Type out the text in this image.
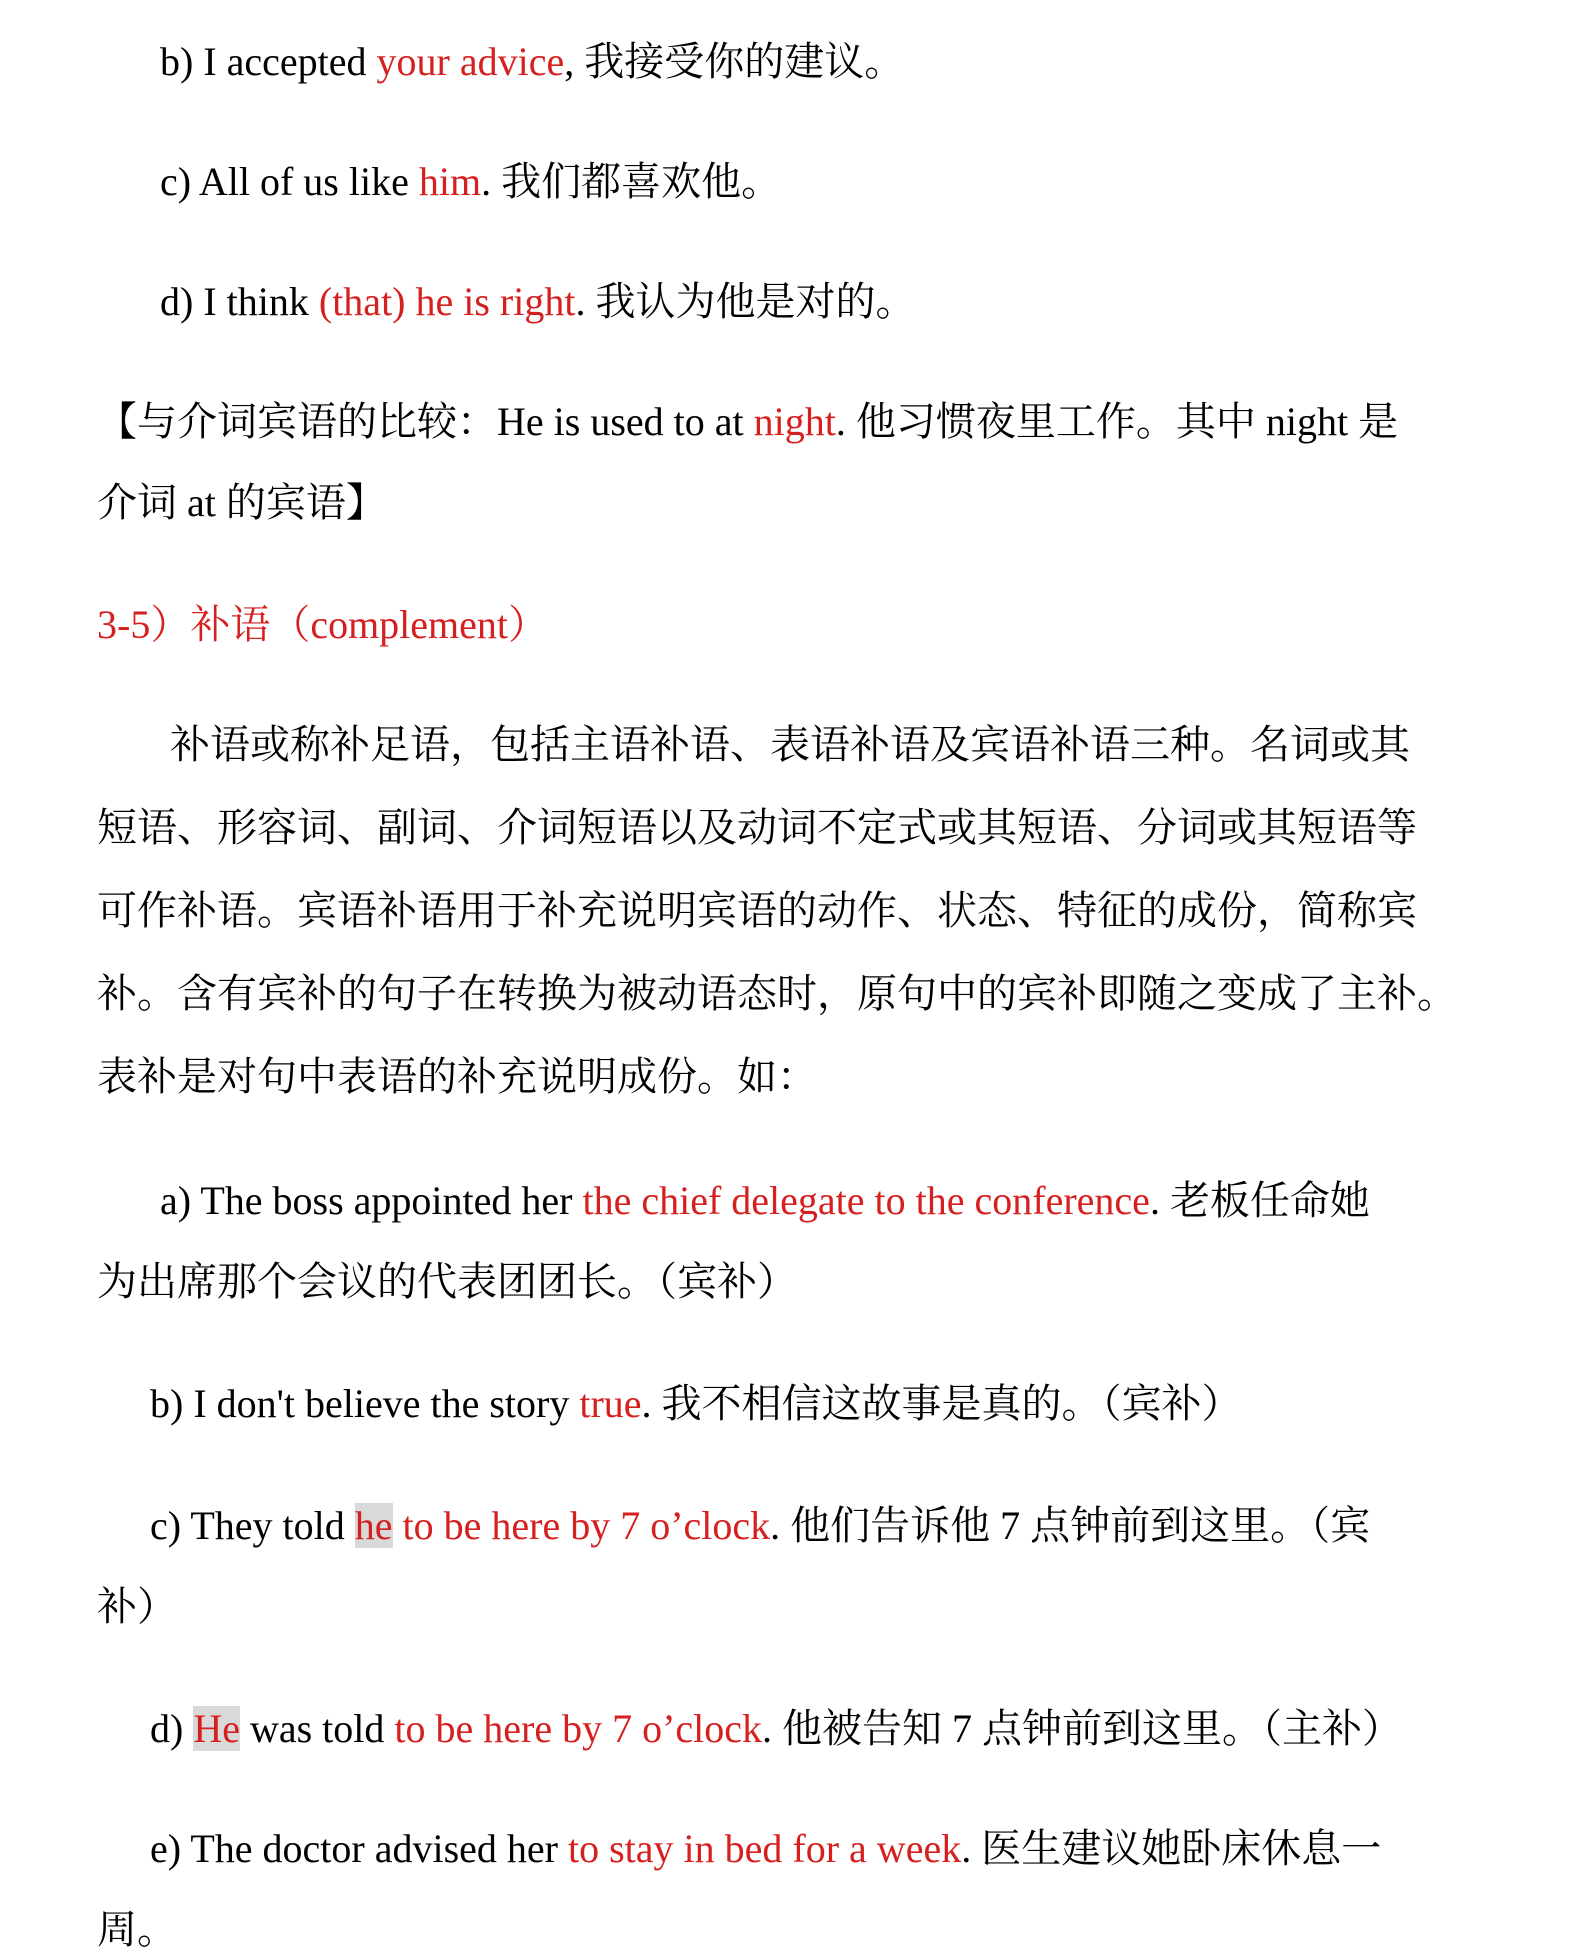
b) I accepted your advice, 我接受你的建议。
c) All of us like him. 我们都喜欢他。
d) I think (that) he is right. 我认为他是对的。
【与介词宾语的比较：He is used to at night. 他习惯夜里工作。其中 night 是
介词 at 的宾语】
3-5）补语（complement）
补语或称补足语，包括主语补语、表语补语及宾语补语三种。名词或其
短语、形容词、副词、介词短语以及动词不定式或其短语、分词或其短语等
可作补语。宾语补语用于补充说明宾语的动作、状态、特征的成份，简称宾
补。含有宾补的句子在转换为被动语态时，原句中的宾补即随之变成了主补。
表补是对句中表语的补充说明成份。如：
a) The boss appointed her the chief delegate to the conference. 老板任命她
为出席那个会议的代表团团长。（宾补）
b) I don't believe the story true. 我不相信这故事是真的。（宾补）
c) They told he to be here by 7 o’clock. 他们告诉他 7 点钟前到这里。（宾
补）
d) He was told to be here by 7 o’clock. 他被告知 7 点钟前到这里。（主补）
e) The doctor advised her to stay in bed for a week. 医生建议她卧床休息一
周。
